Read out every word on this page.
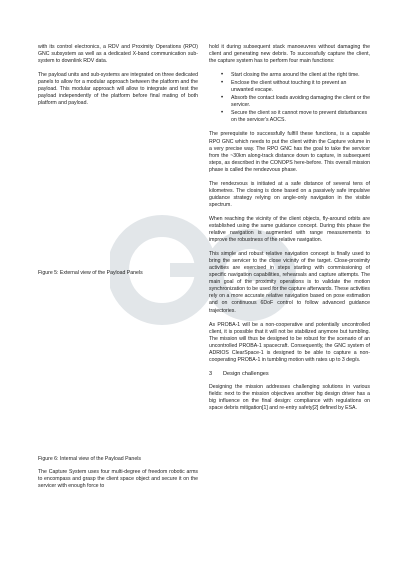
with its control electronics, a RDV and Proximity Operations (RPO) GNC subsystem as well as a dedicated X-band communication sub-system to downlink RDV data.

The payload units and sub-systems are integrated on three dedicated panels to allow for a modular approach between the platform and the payload. This modular approach will allow to integrate and test the payload independently of the platform before final mating of both platform and payload.

Figure 5: External view of the Payload Panels
Figure 6: Internal view of the Payload Panels

The Capture System uses four multi-degree of freedom robotic arms to encompass and grasp the client space object and secure it on the servicer with enough force to

hold it during subsequent stack manoeuvres without damaging the client and generating new debris. To successfully capture the client, the capture system has to perform four main functions:

• Start closing the arms around the client at the right time.
• Enclose the client without touching it to prevent an unwanted escape.
• Absorb the contact loads avoiding damaging the client or the servicer.
• Secure the client so it cannot move to prevent disturbances on the servicer's AOCS.

The prerequisite to successfully fulfill these functions, is a capable RPO GNC which needs to put the client within the Capture volume in a very precise way. The RPO GNC has the goal to take the servicer from the ~30km along-track distance down to capture, in subsequent steps, as described in the CONOPS here-before. This overall mission phase is called the rendezvous phase.

The rendezvous is initiated at a safe distance of several tens of kilometres. The closing is done based on a passively safe impulsive guidance strategy relying on angle-only navigation in the visible spectrum.

When reaching the vicinity of the client objects, fly-around orbits are established using the same guidance concept. During this phase the relative navigation is augmented with range measurements to improve the robustness of the relative navigation.

This simple and robust relative navigation concept is finally used to bring the servicer to the close vicinity of the target. Close-proximity activities are exercised in steps starting with commissioning of specific navigation capabilities, rehearsals and capture attempts. The main goal of the proximity operations is to validate the motion synchronization to be used for the capture afterwards. These activities rely on a more accurate relative navigation based on pose estimation and on continuous 6DoF control to follow advanced guidance trajectories.

As PROBA-1 will be a non-cooperative and potentially uncontrolled client, it is possible that it will not be stabilized anymore but tumbling. The mission will thus be designed to be robust for the scenario of an uncontrolled PROBA-1 spacecraft. Consequently, the GNC system of ADRIOS ClearSpace-1 is designed to be able to capture a non-cooperating PROBA-1 in tumbling motion with rates up to 3 deg/s.

3 Design challenges

Designing the mission addresses challenging solutions in various fields: next to the mission objectives another big design driver has a big influence on the final design: compliance with regulations on space debris mitigation[1] and re-entry safety[2] defined by ESA.
